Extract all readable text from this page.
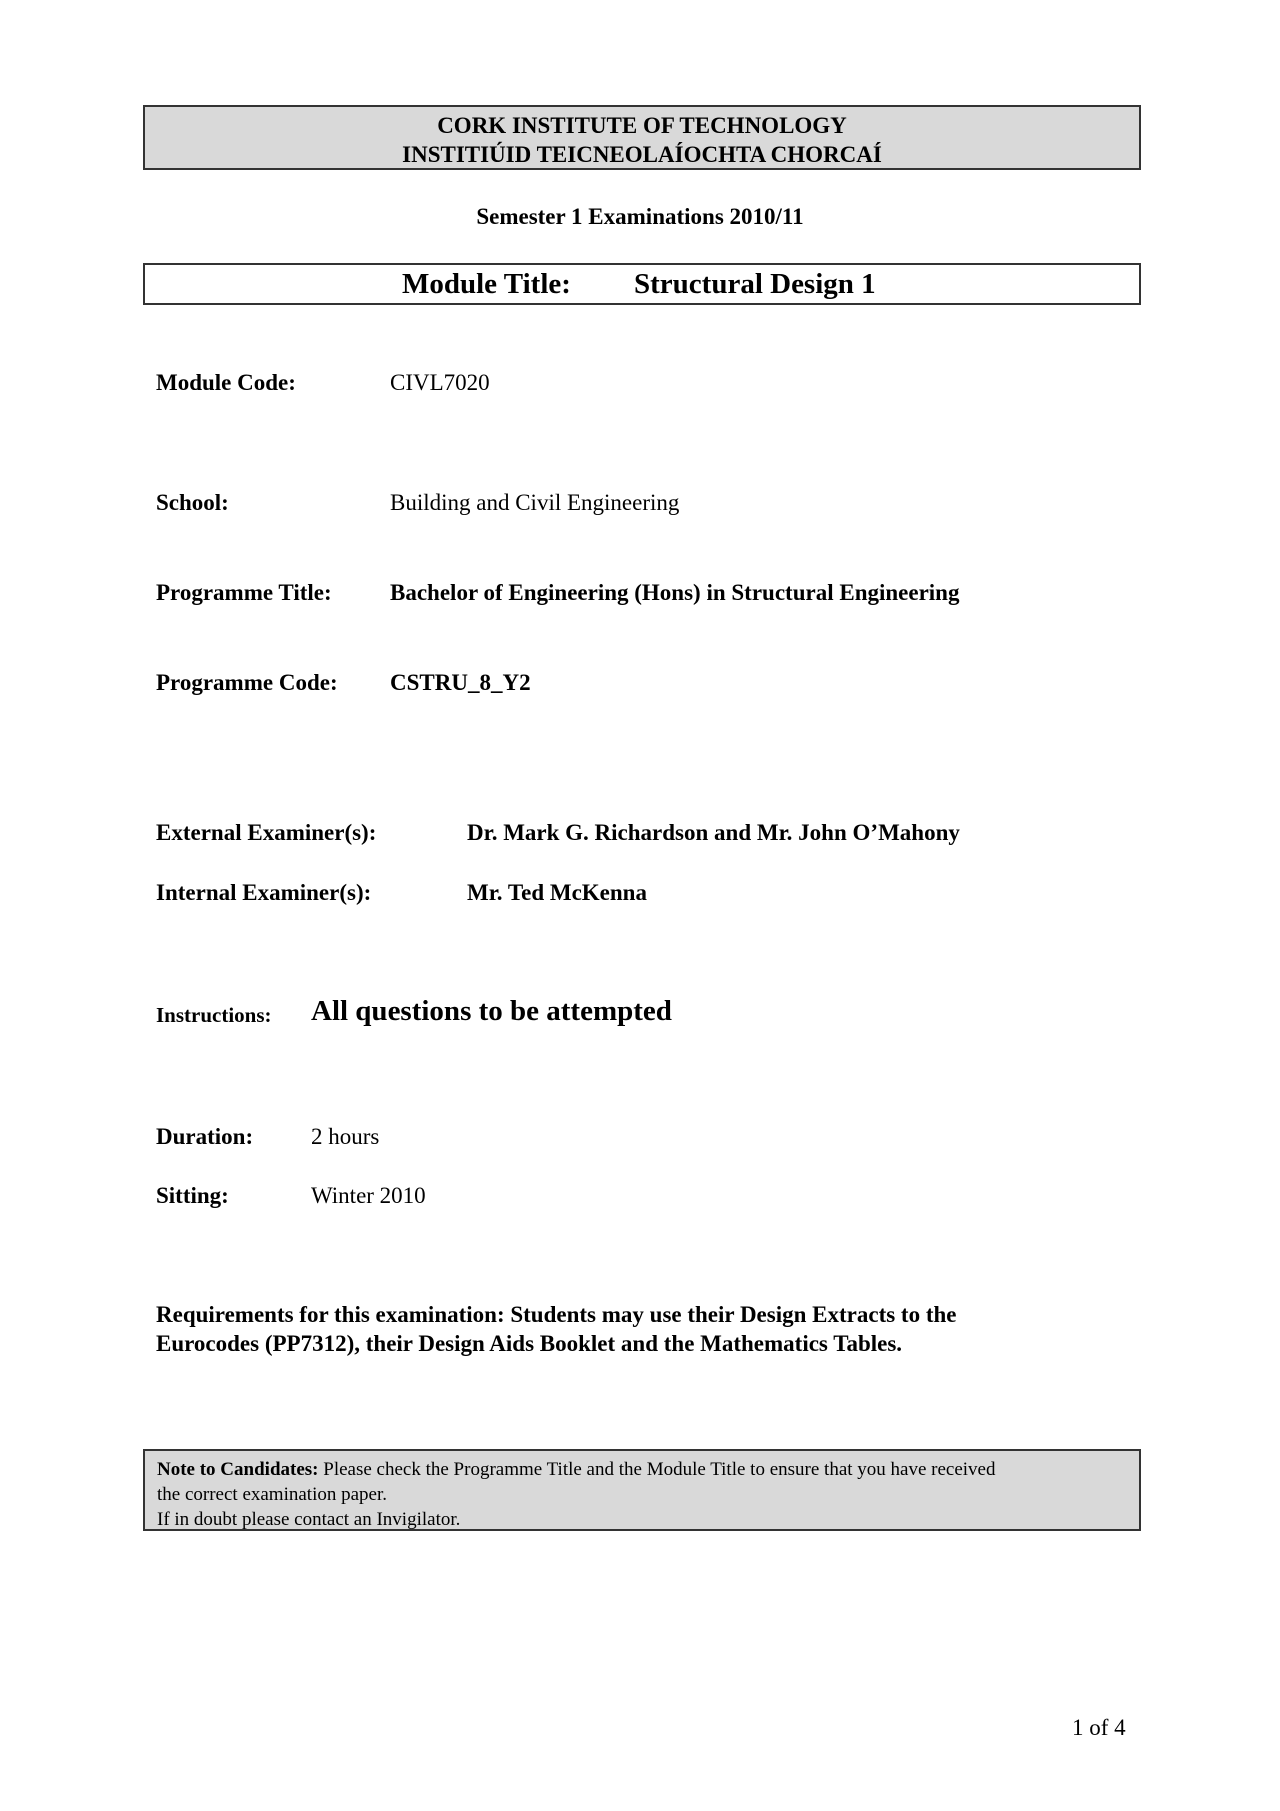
CORK INSTITUTE OF TECHNOLOGY
INSTITIÚID TEICNEOLAÍOCHTA CHORCAÍ
Semester 1 Examinations 2010/11
Module Title: Structural Design 1
Module Code:	CIVL7020
School:	Building and Civil Engineering
Programme Title:	Bachelor of Engineering (Hons) in Structural Engineering
Programme Code: CSTRU_8_Y2
External Examiner(s):	Dr. Mark G. Richardson and Mr. John O’Mahony
Internal Examiner(s):	Mr. Ted McKenna
Instructions: All questions to be attempted
Duration:	2 hours
Sitting:	Winter 2010
Requirements for this examination: Students may use their Design Extracts to the
Eurocodes (PP7312), their Design Aids Booklet and the Mathematics Tables.
Note to Candidates: Please check the Programme Title and the Module Title to ensure that you have received
the correct examination paper.
If in doubt please contact an Invigilator.
1 of 4
